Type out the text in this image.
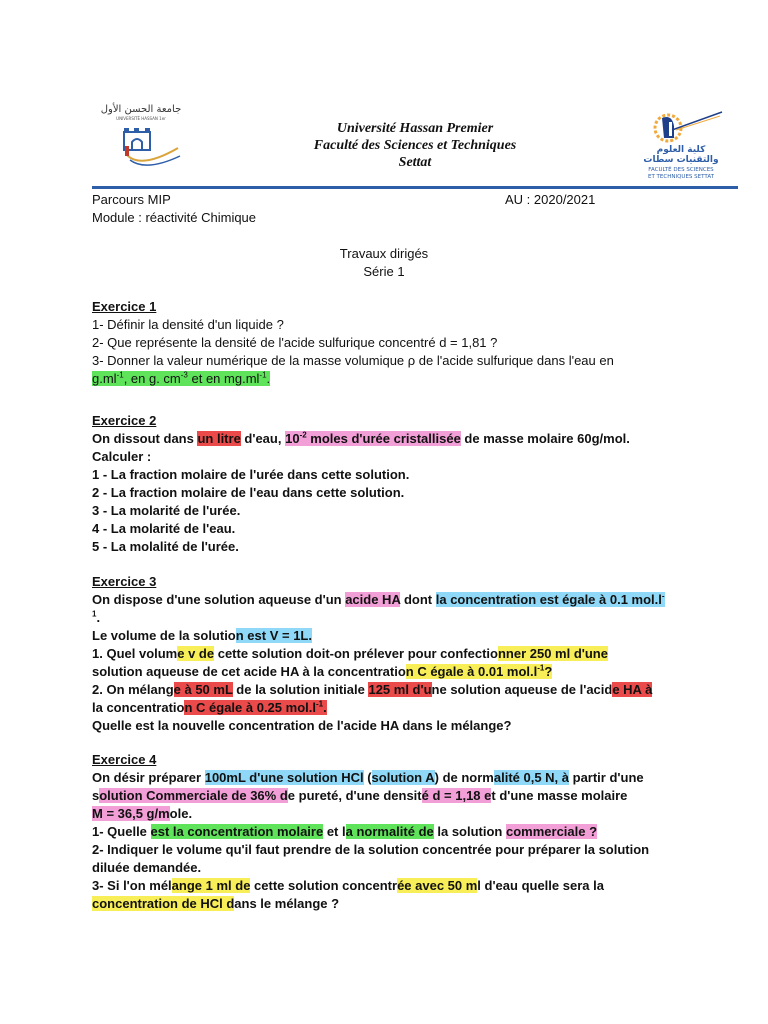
جامعة الحسن الأول
UNIVERSITÉ HASSAN 1er
Université Hassan Premier
Faculté des Sciences et Techniques
Settat
كلية العلوم
والتقنيات سطات
FACULTÉ DES SCIENCES
ET TECHNIQUES SETTAT
Parcours MIP
Module : réactivité Chimique
AU : 2020/2021
Travaux dirigés
Série 1
Exercice 1
1- Définir la densité d'un liquide ?
2- Que représente la densité de l'acide sulfurique concentré d = 1,81 ?
3- Donner la valeur numérique de la masse volumique ρ de l'acide sulfurique dans l'eau en
$g.ml^{-1}$, en g. $cm^{-3}$ et en $mg.ml^{-1}$.
Exercice 2
On dissout dans un litre d'eau, $10^{-2}$ moles d'urée cristallisée de masse molaire 60g/mol.
Calculer :
1 - La fraction molaire de l'urée dans cette solution.
2 - La fraction molaire de l'eau dans cette solution.
3 - La molarité de l'urée.
4 - La molarité de l'eau.
5 - La molalité de l'urée.
Exercice 3
On dispose d'une solution aqueuse d'un acide HA dont la concentration est égale à 0.1 mol.l-
$^1$.
Le volume de la solution est V = 1L.
1. Quel volume v de cette solution doit-on prélever pour confectionner 250 ml d'une
solution aqueuse de cet acide HA à la concentration C égale à 0.01 $mol.l^{-1}$?
2. On mélange à 50 mL de la solution initiale 125 ml d'une solution aqueuse de l'acide HA à
la concentration C égale à 0.25 $mol.l^{-1}$.
Quelle est la nouvelle concentration de l'acide HA dans le mélange?
Exercice 4
On désir préparer 100mL d'une solution HCl (solution A) de normalité 0,5 N, à partir d'une
solution Commerciale de 36% de pureté, d'une densité d = 1,18 et d'une masse molaire
M = 36,5 g/mole.
1- Quelle est la concentration molaire et la normalité de la solution commerciale ?
2- Indiquer le volume qu'il faut prendre de la solution concentrée pour préparer la solution
diluée demandée.
3- Si l'on mélange 1 ml de cette solution concentrée avec 50 ml d'eau quelle sera la
concentration de HCl dans le mélange ?
